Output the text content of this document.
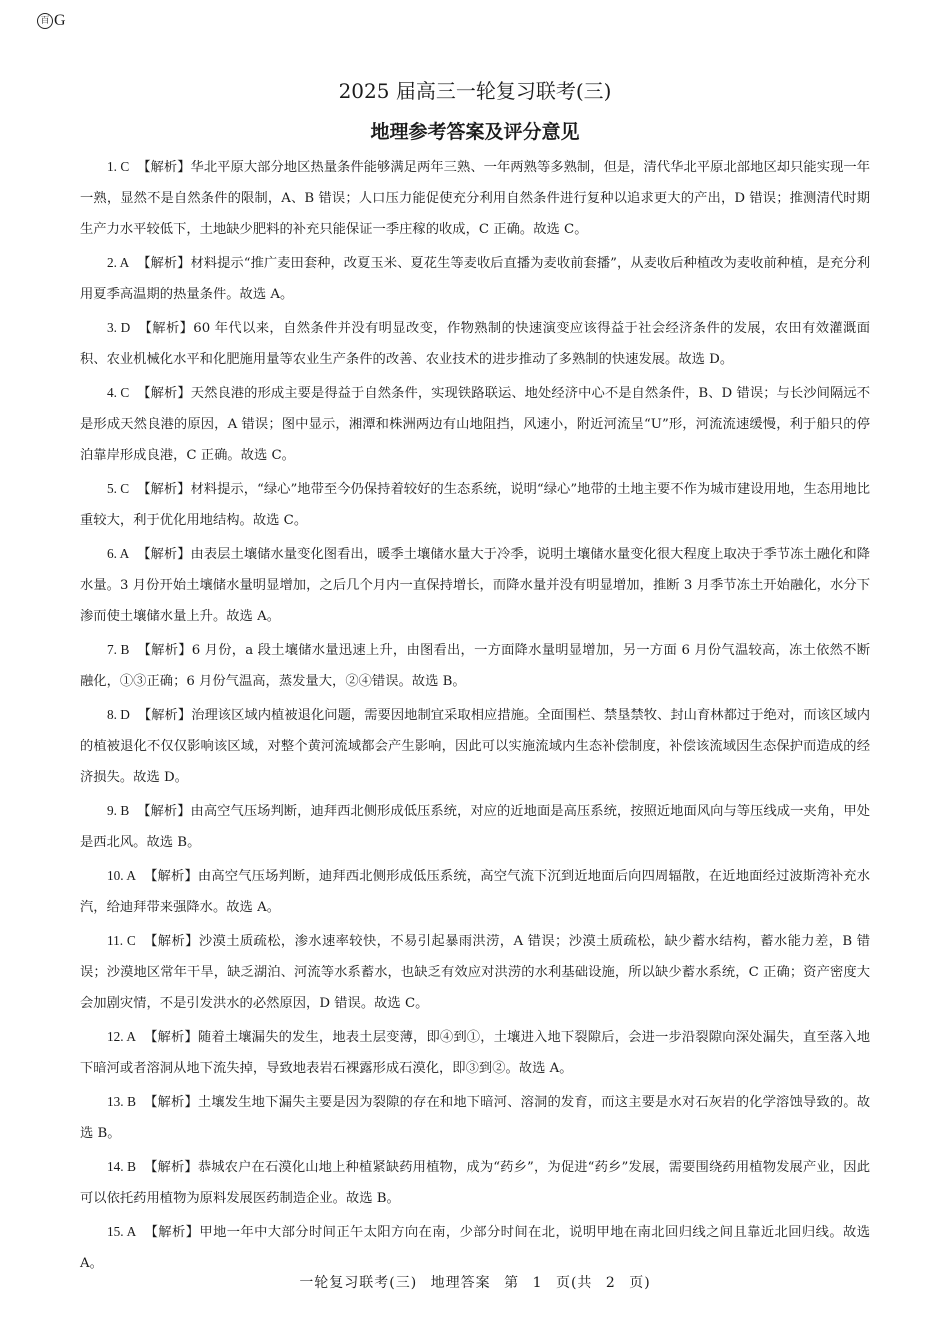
百 G
2025 届高三一轮复习联考(三)
地理参考答案及评分意见

1. C 【解析】华北平原大部分地区热量条件能够满足两年三熟、一年两熟等多熟制，但是，清代华北平原北部地区却只能实现一年一熟，显然不是自然条件的限制，A、B 错误；人口压力能促使充分利用自然条件进行复种以追求更大的产出，D 错误；推测清代时期生产力水平较低下，土地缺少肥料的补充只能保证一季庄稼的收成，C 正确。故选 C。

2. A 【解析】材料提示“推广麦田套种，改夏玉米、夏花生等麦收后直播为麦收前套播”，从麦收后种植改为麦收前种植，是充分利用夏季高温期的热量条件。故选 A。

3. D 【解析】60 年代以来，自然条件并没有明显改变，作物熟制的快速演变应该得益于社会经济条件的发展，农田有效灌溉面积、农业机械化水平和化肥施用量等农业生产条件的改善、农业技术的进步推动了多熟制的快速发展。故选 D。

4. C 【解析】天然良港的形成主要是得益于自然条件，实现铁路联运、地处经济中心不是自然条件，B、D 错误；与长沙间隔远不是形成天然良港的原因，A 错误；图中显示，湘潭和株洲两边有山地阻挡，风速小，附近河流呈“U”形，河流流速缓慢，利于船只的停泊靠岸形成良港，C 正确。故选 C。

5. C 【解析】材料提示，“绿心”地带至今仍保持着较好的生态系统，说明“绿心”地带的土地主要不作为城市建设用地，生态用地比重较大，利于优化用地结构。故选 C。

6. A 【解析】由表层土壤储水量变化图看出，暖季土壤储水量大于冷季，说明土壤储水量变化很大程度上取决于季节冻土融化和降水量。3 月份开始土壤储水量明显增加，之后几个月内一直保持增长，而降水量并没有明显增加，推断 3 月季节冻土开始融化，水分下渗而使土壤储水量上升。故选 A。

7. B 【解析】6 月份，a 段土壤储水量迅速上升，由图看出，一方面降水量明显增加，另一方面 6 月份气温较高，冻土依然不断融化，①③正确；6 月份气温高，蒸发量大，②④错误。故选 B。

8. D 【解析】治理该区域内植被退化问题，需要因地制宜采取相应措施。全面围栏、禁垦禁牧、封山育林都过于绝对，而该区域内的植被退化不仅仅影响该区域，对整个黄河流域都会产生影响，因此可以实施流域内生态补偿制度，补偿该流域因生态保护而造成的经济损失。故选 D。

9. B 【解析】由高空气压场判断，迪拜西北侧形成低压系统，对应的近地面是高压系统，按照近地面风向与等压线成一夹角，甲处是西北风。故选 B。

10. A 【解析】由高空气压场判断，迪拜西北侧形成低压系统，高空气流下沉到近地面后向四周辐散，在近地面经过波斯湾补充水汽，给迪拜带来强降水。故选 A。

11. C 【解析】沙漠土质疏松，渗水速率较快，不易引起暴雨洪涝，A 错误；沙漠土质疏松，缺少蓄水结构，蓄水能力差，B 错误；沙漠地区常年干旱，缺乏湖泊、河流等水系蓄水，也缺乏有效应对洪涝的水利基础设施，所以缺少蓄水系统，C 正确；资产密度大会加剧灾情，不是引发洪水的必然原因，D 错误。故选 C。

12. A 【解析】随着土壤漏失的发生，地表土层变薄，即④到①，土壤进入地下裂隙后，会进一步沿裂隙向深处漏失，直至落入地下暗河或者溶洞从地下流失掉，导致地表岩石裸露形成石漠化，即③到②。故选 A。

13. B 【解析】土壤发生地下漏失主要是因为裂隙的存在和地下暗河、溶洞的发育，而这主要是水对石灰岩的化学溶蚀导致的。故选 B。

14. B 【解析】恭城农户在石漠化山地上种植紧缺药用植物，成为“药乡”，为促进“药乡”发展，需要围绕药用植物发展产业，因此可以依托药用植物为原料发展医药制造企业。故选 B。

15. A 【解析】甲地一年中大部分时间正午太阳方向在南，少部分时间在北，说明甲地在南北回归线之间且靠近北回归线。故选 A。

一轮复习联考(三) 地理答案 第 1 页(共 2 页)
